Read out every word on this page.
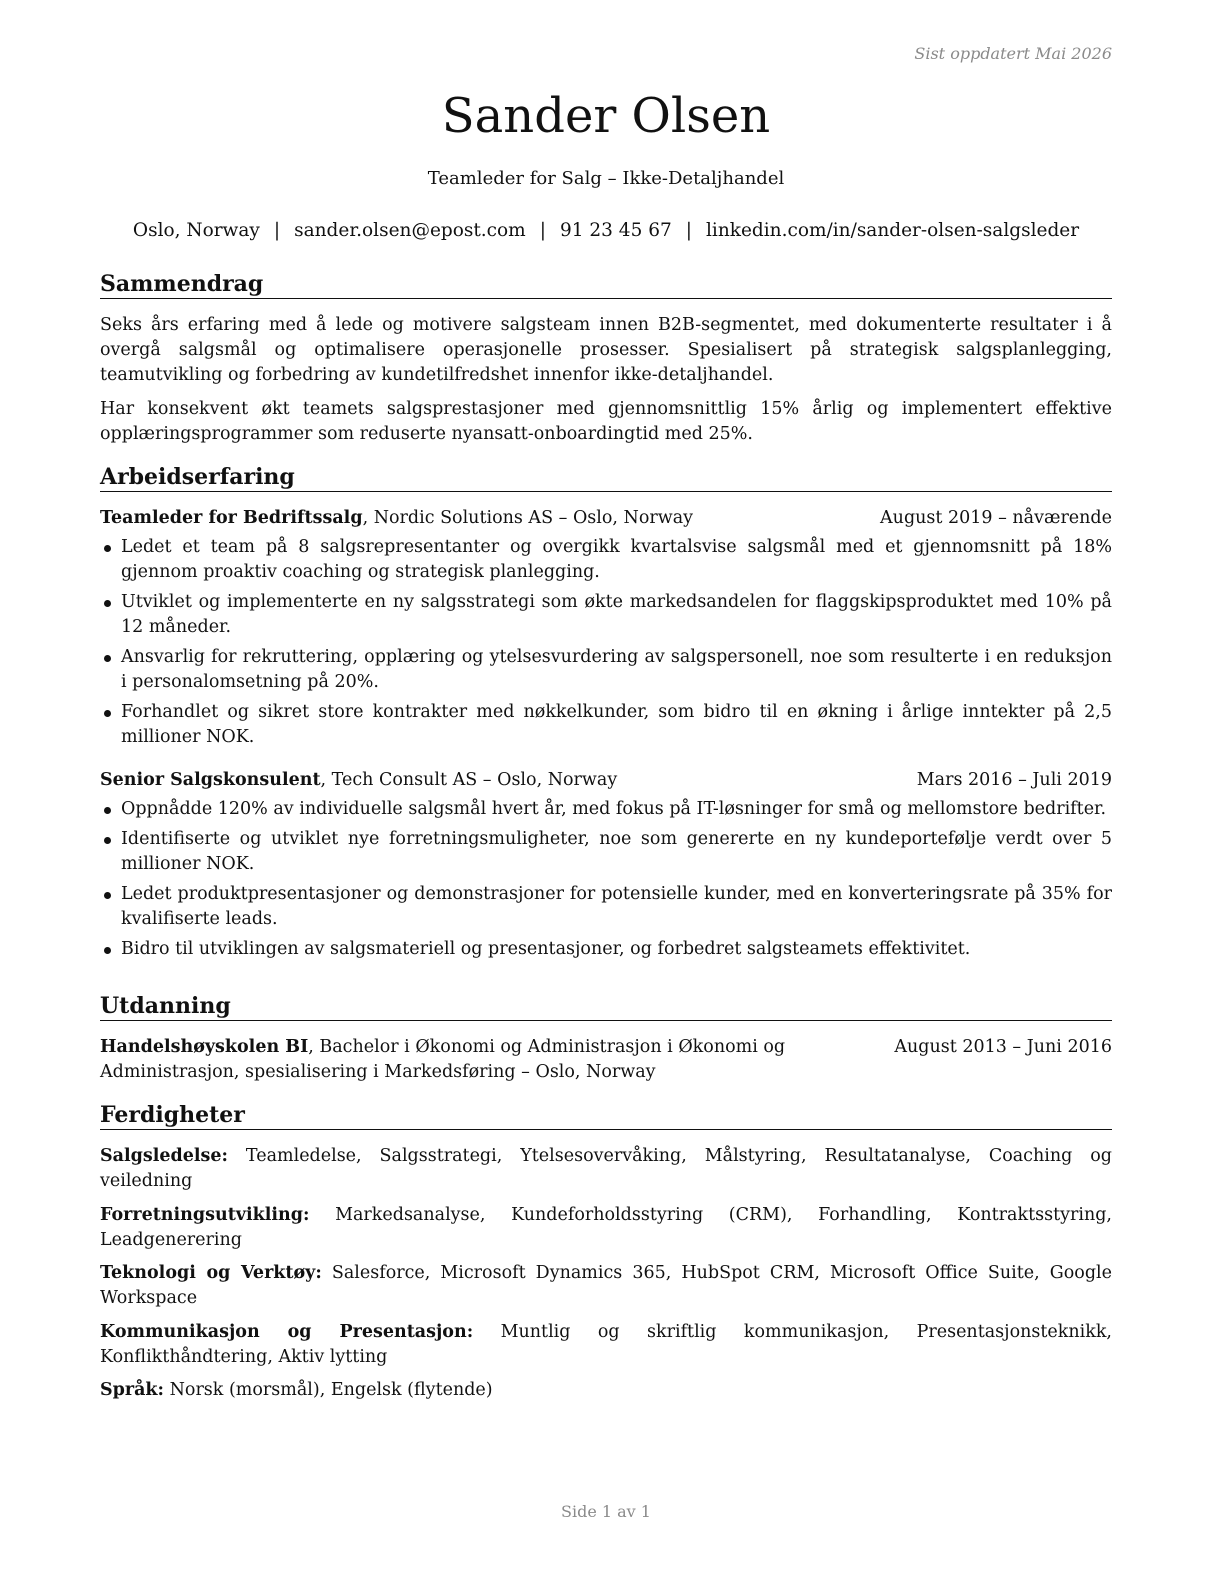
Sist oppdatert Mai 2026
Sander Olsen
Teamleder for Salg – Ikke-Detaljhandel
Oslo, Norway | sander.olsen@epost.com | 91 23 45 67 | linkedin.com/in/sander-olsen-salgsleder
Sammendrag

Seks års erfaring med å lede og motivere salgsteam innen B2B-segmentet, med dokumenterte resultater i å overgå salgsmål og optimalisere operasjonelle prosesser. Spesialisert på strategisk salgsplanlegging, teamutvikling og forbedring av kundetilfredshet innenfor ikke-detaljhandel.

Har konsekvent økt teamets salgsprestasjoner med gjennomsnittlig 15% årlig og implementert effektive opplæringsprogrammer som reduserte nyansatt-onboardingtid med 25%.

Arbeidserfaring
Teamleder for Bedriftssalg, Nordic Solutions AS – Oslo, Norway	August 2019 – nåværende
Ledet et team på 8 salgsrepresentanter og overgikk kvartalsvise salgsmål med et gjennomsnitt på 18% gjennom proaktiv coaching og strategisk planlegging.
Utviklet og implementerte en ny salgsstrategi som økte markedsandelen for flaggskipsproduktet med 10% på 12 måneder.
Ansvarlig for rekruttering, opplæring og ytelsesvurdering av salgspersonell, noe som resulterte i en reduksjon i personalomsetning på 20%.
Forhandlet og sikret store kontrakter med nøkkelkunder, som bidro til en økning i årlige inntekter på 2,5 millioner NOK.
Senior Salgskonsulent, Tech Consult AS – Oslo, Norway	Mars 2016 – Juli 2019
Oppnådde 120% av individuelle salgsmål hvert år, med fokus på IT-løsninger for små og mellomstore bedrifter.
Identifiserte og utviklet nye forretningsmuligheter, noe som genererte en ny kundeportefølje verdt over 5 millioner NOK.
Ledet produktpresentasjoner og demonstrasjoner for potensielle kunder, med en konverteringsrate på 35% for kvalifiserte leads.
Bidro til utviklingen av salgsmateriell og presentasjoner, og forbedret salgsteamets effektivitet.
Utdanning
Handelshøyskolen BI, Bachelor i Økonomi og Administrasjon i Økonomi og Administrasjon, spesialisering i Markedsføring – Oslo, Norway
August 2013 – Juni 2016
Ferdigheter

Salgsledelse: Teamledelse, Salgsstrategi, Ytelsesovervåking, Målstyring, Resultatanalyse, Coaching og veiledning

Forretningsutvikling: Markedsanalyse, Kundeforholdsstyring (CRM), Forhandling, Kontraktsstyring, Leadgenerering

Teknologi og Verktøy: Salesforce, Microsoft Dynamics 365, HubSpot CRM, Microsoft Office Suite, Google Workspace

Kommunikasjon og Presentasjon: Muntlig og skriftlig kommunikasjon, Presentasjonsteknikk, Konflikthåndtering, Aktiv lytting

Språk: Norsk (morsmål), Engelsk (flytende)

Side 1 av 1
